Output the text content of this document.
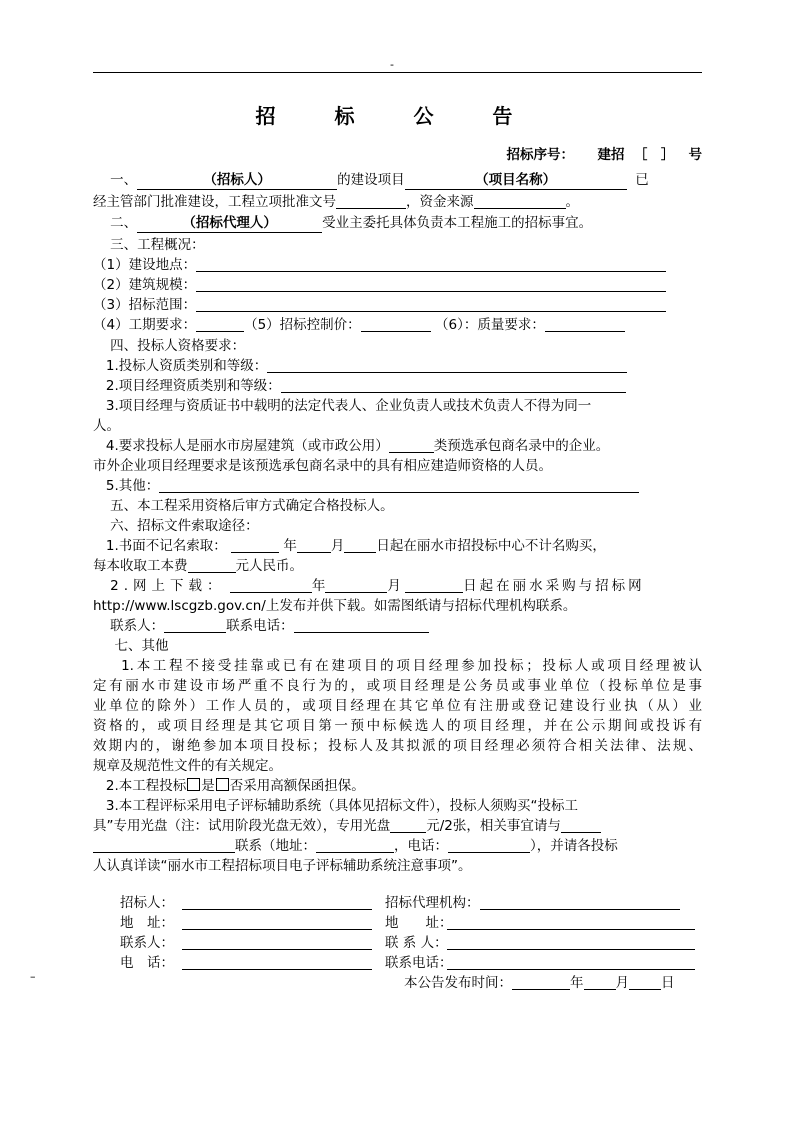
-
招 标 公 告
招标序号： 建招 ［　］ 号
一、	（招标人）	的建设项目	（项目名称）	已
经主管部门批准建设，工程立项批准文号	，资金来源	。
二、	（招标代理人）	受业主委托具体负责本工程施工的招标事宜。
三、工程概况：
（1）建设地点：
（2）建筑规模：
（3）招标范围：
（4）工期要求：	（5）招标控制价：	（6）：质量要求：
四、投标人资格要求：
1.投标人资质类别和等级：
2.项目经理资质类别和等级：
3.项目经理与资质证书中载明的法定代表人、企业负责人或技术负责人不得为同一
人。
4.要求投标人是丽水市房屋建筑（或市政公用）	类预选承包商名录中的企业。
市外企业项目经理要求是该预选承包商名录中的具有相应建造师资格的人员。
5.其他：
五、本工程采用资格后审方式确定合格投标人。
六、招标文件索取途径：
1.书面不记名索取：	年	月 日起在丽水市招投标中心不计名购买，
每本收取工本费	元人民币。
2.网上下载：	年	月	日起在丽水采购与招标网
http://www.lscgzb.gov.cn/上发布并供下载。如需图纸请与招标代理机构联系。
联系人：	联系电话：
七、其他
1.本工程不接受挂靠或已有在建项目的项目经理参加投标；投标人或项目经理被认
定有丽水市建设市场严重不良行为的，或项目经理是公务员或事业单位（投标单位是事
业单位的除外）工作人员的，或项目经理在其它单位有注册或登记建设行业执（从）业
资格的，或项目经理是其它项目第一预中标候选人的项目经理，并在公示期间或投诉有
效期内的，谢绝参加本项目投标；投标人及其拟派的项目经理必须符合相关法律、法规、
规章及规范性文件的有关规定。
2.本工程投标 是 否采用高额保函担保。
3.本工程评标采用电子评标辅助系统（具体见招标文件），投标人须购买“投标工
具”专用光盘（注：试用阶段光盘无效），专用光盘	元/2张，相关事宜请与
联系（地址：	，电话：	），并请各投标
人认真详读“丽水市工程招标项目电子评标辅助系统注意事项”。
招标人：	招标代理机构：
地　址：	地　　址：
联系人：	联 系 人：
电　话：	联系电话：
–	本公告发布时间：	年 月 日
